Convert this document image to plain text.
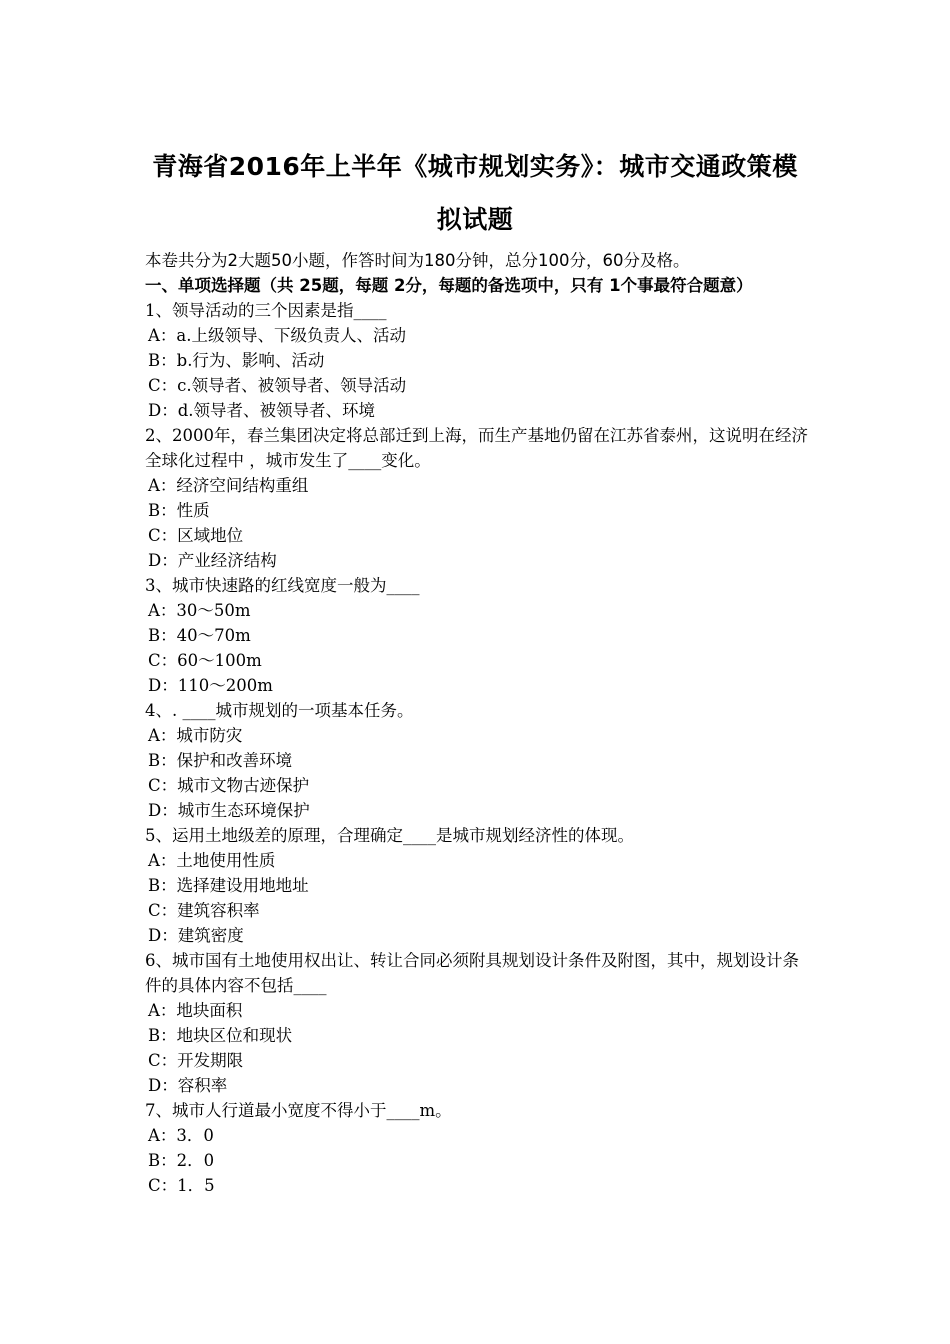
青海省2016年上半年《城市规划实务》：城市交通政策模
拟试题
本卷共分为2大题50小题，作答时间为180分钟，总分100分，60分及格。
一、单项选择题（共 25题，每题 2分，每题的备选项中，只有 1个事最符合题意）

1、领导活动的三个因素是指____

A：a.上级领导、下级负责人、活动

B：b.行为、影响、活动

C：c.领导者、被领导者、领导活动

D：d.领导者、被领导者、环境

2、2000年，春兰集团决定将总部迁到上海，而生产基地仍留在江苏省泰州，这说明在经济全球化过程中 ，城市发生了____变化。

A：经济空间结构重组

B：性质

C：区域地位

D：产业经济结构

3、城市快速路的红线宽度一般为____

A：30～50m

B：40～70m

C：60～100m

D：110～200m

4、. ____城市规划的一项基本任务。

A：城市防灾

B：保护和改善环境

C：城市文物古迹保护

D：城市生态环境保护

5、运用土地级差的原理，合理确定____是城市规划经济性的体现。

A：土地使用性质

B：选择建设用地地址

C：建筑容积率

D：建筑密度

6、城市国有土地使用权出让、转让合同必须附具规划设计条件及附图，其中，规划设计条件的具体内容不包括____

A：地块面积

B：地块区位和现状

C：开发期限

D：容积率

7、城市人行道最小宽度不得小于____m。

A：3．0

B：2．0

C：1．5
